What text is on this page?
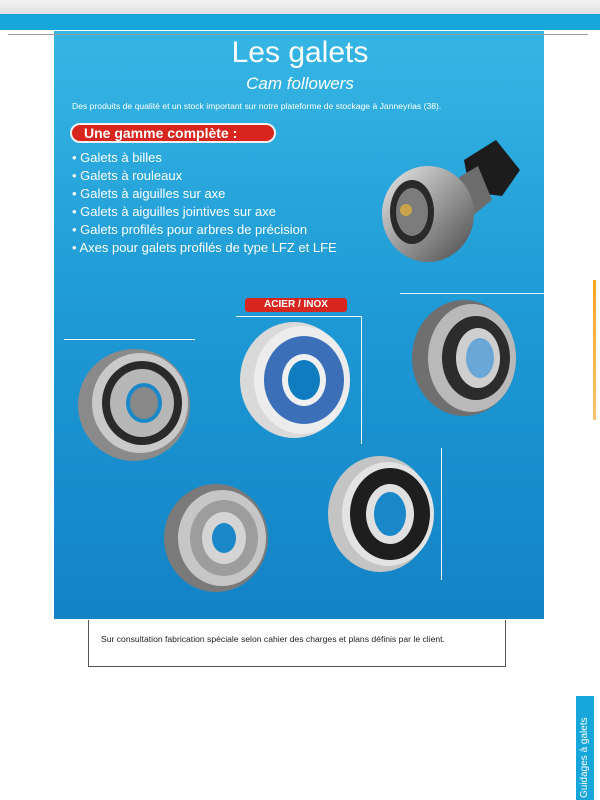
Les galets
Cam followers
Des produits de qualité et un stock important sur notre plateforme de stockage à Janneyrias (38).
Une gamme complète :
• Galets à billes
• Galets à rouleaux
• Galets à aiguilles sur axe
• Galets à aiguilles jointives sur axe
• Galets profilés pour arbres de précision
• Axes pour galets profilés de type LFZ et LFE
ACIER / INOX
Sur consultation fabrication spéciale selon cahier des charges et plans définis par le client.
Guidages à galets
